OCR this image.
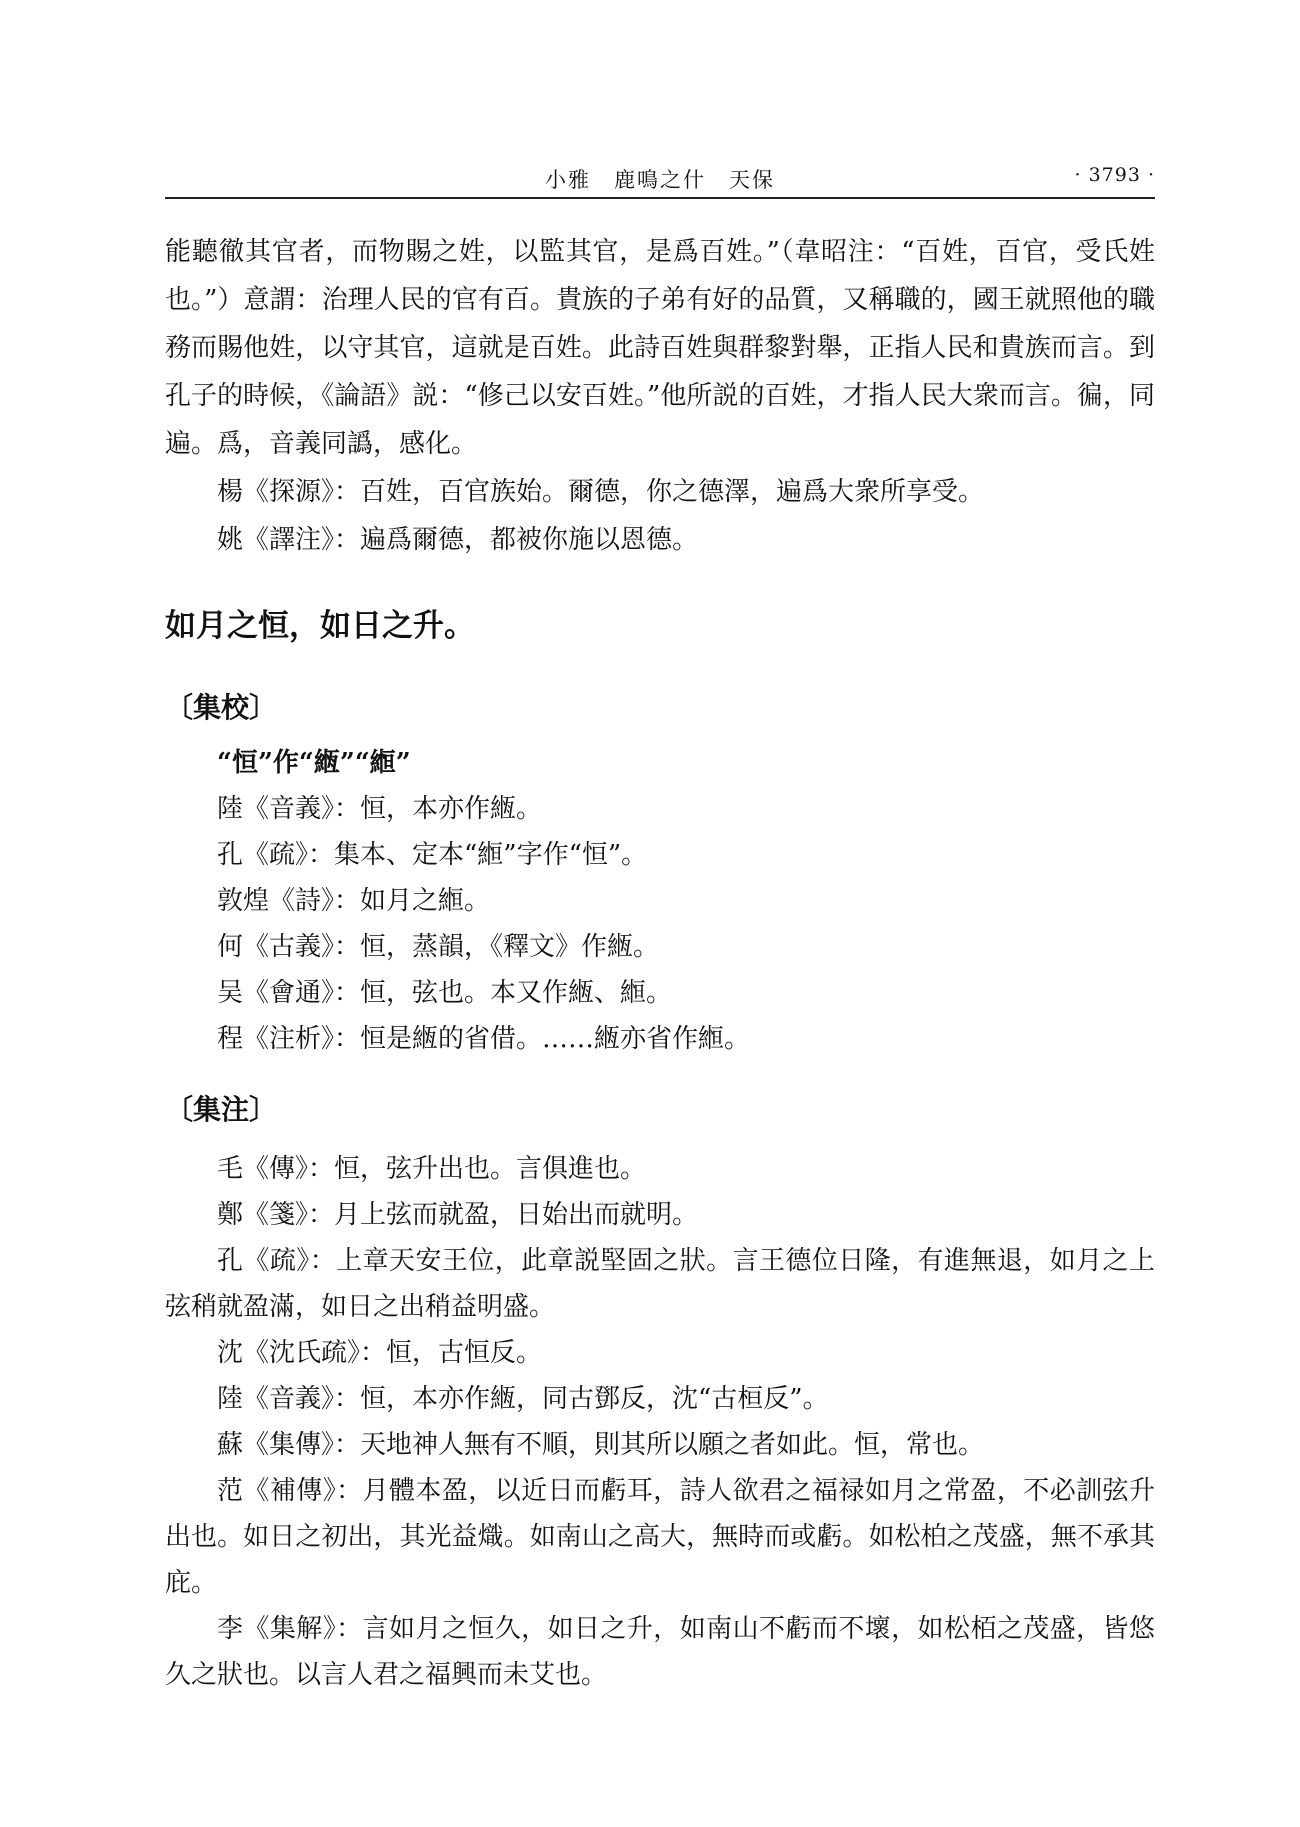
小雅　鹿鳴之什　天保	· 3793 ·

能聽徹其官者，而物賜之姓，以監其官，是爲百姓。”（韋昭注：“百姓，百官，受氏姓也。”）意謂：治理人民的官有百。貴族的子弟有好的品質，又稱職的，國王就照他的職務而賜他姓，以守其官，這就是百姓。此詩百姓與群黎對舉，正指人民和貴族而言。到孔子的時候，《論語》説：“修己以安百姓。”他所説的百姓，才指人民大衆而言。徧，同遍。爲，音義同譌，感化。

楊《探源》：百姓，百官族始。爾德，你之德澤，遍爲大衆所享受。

姚《譯注》：遍爲爾德，都被你施以恩德。

如月之恒，如日之升。
〔集校〕

“恒”作“緪”“縆”

陸《音義》：恒，本亦作緪。

孔《疏》：集本、定本“縆”字作“恒”。

敦煌《詩》：如月之縆。

何《古義》：恒，蒸韻，《釋文》作緪。

吴《會通》：恒，弦也。本又作緪、縆。

程《注析》：恒是緪的省借。……緪亦省作縆。

〔集注〕

毛《傳》：恒，弦升出也。言俱進也。

鄭《箋》：月上弦而就盈，日始出而就明。

孔《疏》：上章天安王位，此章説堅固之狀。言王德位日隆，有進無退，如月之上弦稍就盈滿，如日之出稍益明盛。

沈《沈氏疏》：恒，古恒反。

陸《音義》：恒，本亦作緪，同古鄧反，沈“古桓反”。

蘇《集傳》：天地神人無有不順，則其所以願之者如此。恒，常也。

范《補傳》：月體本盈，以近日而虧耳，詩人欲君之福禄如月之常盈，不必訓弦升出也。如日之初出，其光益熾。如南山之高大，無時而或虧。如松柏之茂盛，無不承其庇。

李《集解》：言如月之恒久，如日之升，如南山不虧而不壞，如松栢之茂盛，皆悠久之狀也。以言人君之福興而未艾也。
